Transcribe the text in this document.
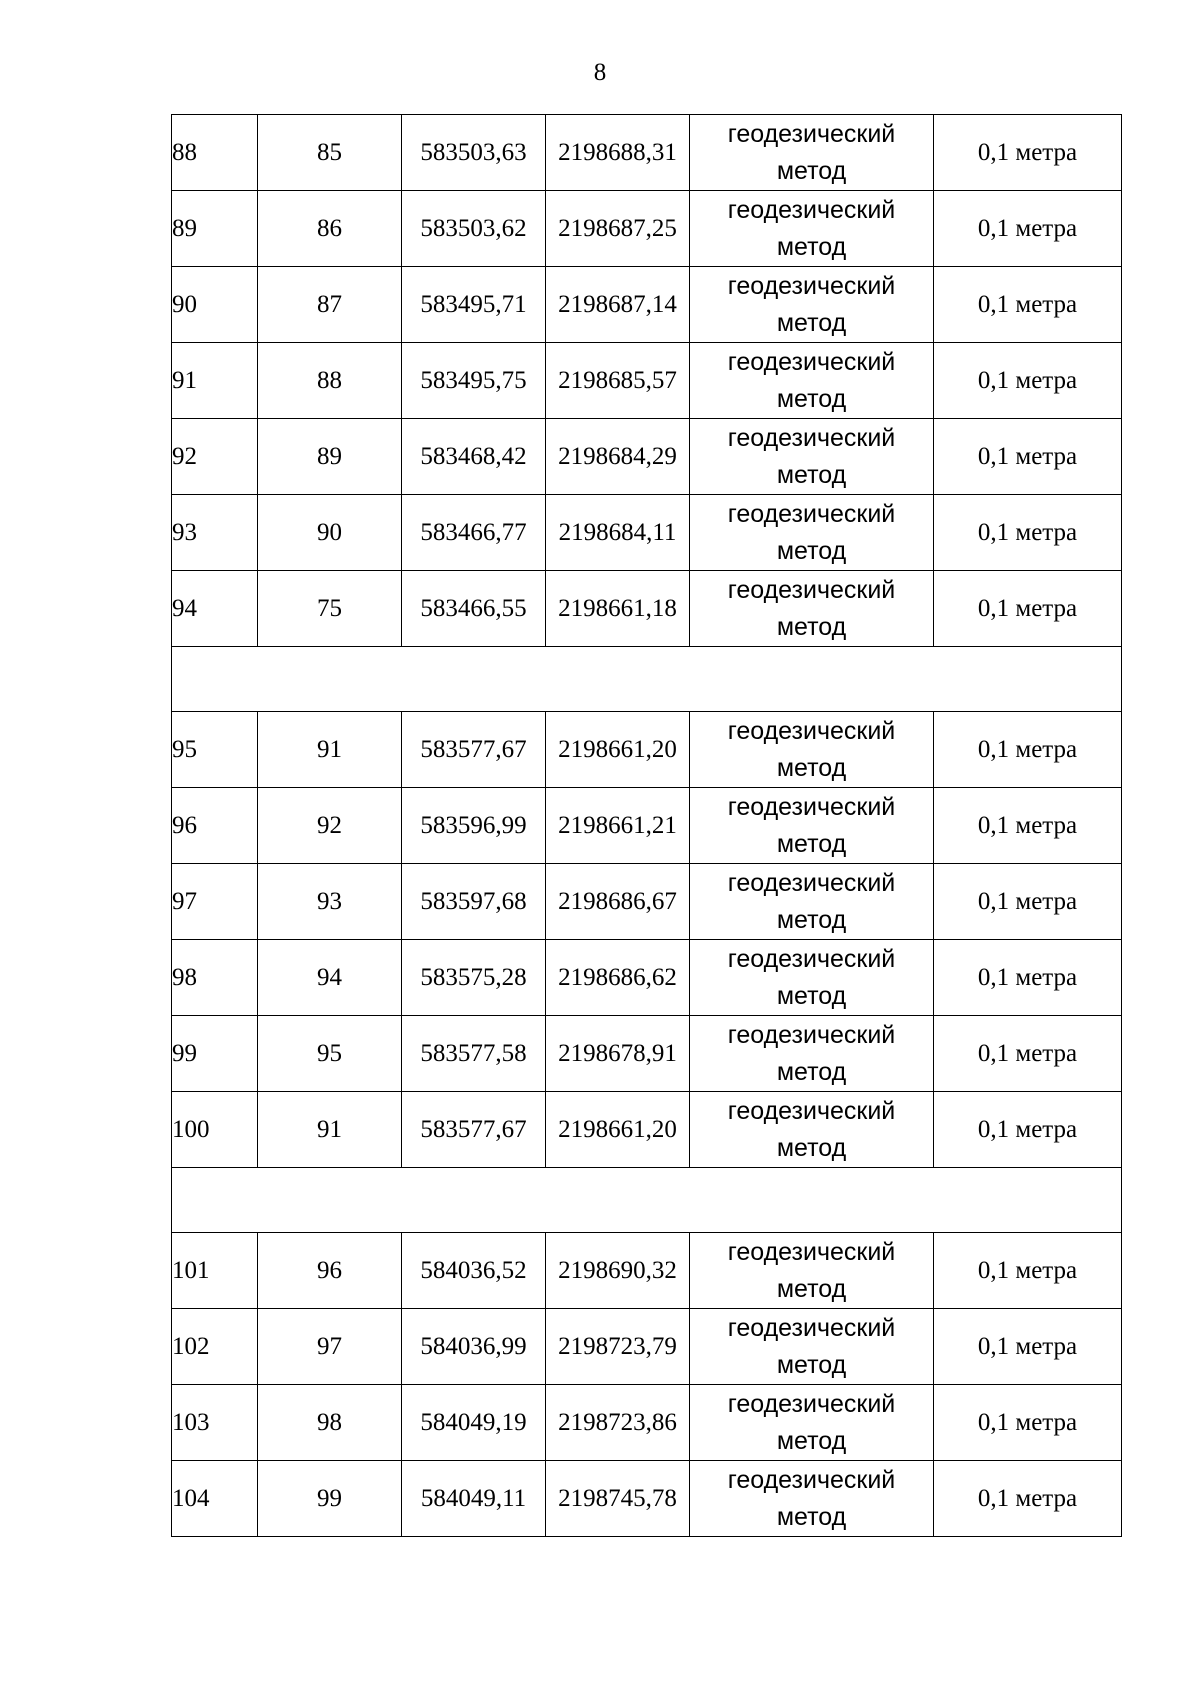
8
88	85	583503,63	2198688,31	геодезический
метод	0,1 метра
89	86	583503,62	2198687,25	геодезический
метод	0,1 метра
90	87	583495,71	2198687,14	геодезический
метод	0,1 метра
91	88	583495,75	2198685,57	геодезический
метод	0,1 метра
92	89	583468,42	2198684,29	геодезический
метод	0,1 метра
93	90	583466,77	2198684,11	геодезический
метод	0,1 метра
94	75	583466,55	2198661,18	геодезический
метод	0,1 метра

95	91	583577,67	2198661,20	геодезический
метод	0,1 метра
96	92	583596,99	2198661,21	геодезический
метод	0,1 метра
97	93	583597,68	2198686,67	геодезический
метод	0,1 метра
98	94	583575,28	2198686,62	геодезический
метод	0,1 метра
99	95	583577,58	2198678,91	геодезический
метод	0,1 метра
100	91	583577,67	2198661,20	геодезический
метод	0,1 метра

101	96	584036,52	2198690,32	геодезический
метод	0,1 метра
102	97	584036,99	2198723,79	геодезический
метод	0,1 метра
103	98	584049,19	2198723,86	геодезический
метод	0,1 метра
104	99	584049,11	2198745,78	геодезический
метод	0,1 метра
